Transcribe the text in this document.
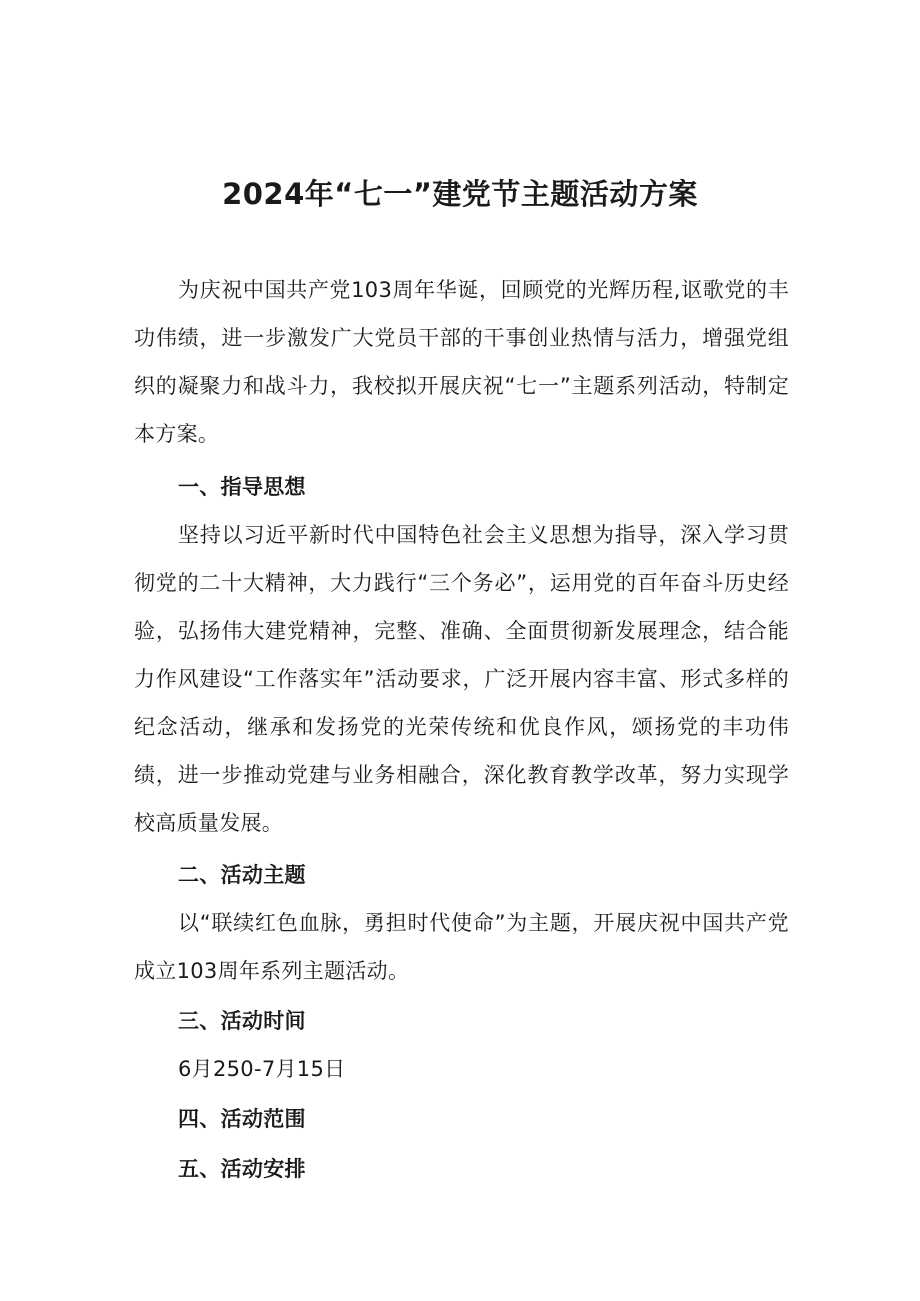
2024年“七一”建党节主题活动方案

为庆祝中国共产党103周年华诞，回顾党的光辉历程,讴歌党的丰功伟绩，进一步激发广大党员干部的干事创业热情与活力，增强党组织的凝聚力和战斗力，我校拟开展庆祝“七一”主题系列活动，特制定本方案。

一、指导思想

坚持以习近平新时代中国特色社会主义思想为指导，深入学习贯彻党的二十大精神，大力践行“三个务必”，运用党的百年奋斗历史经验，弘扬伟大建党精神，完整、准确、全面贯彻新发展理念，结合能力作风建设“工作落实年”活动要求，广泛开展内容丰富、形式多样的纪念活动，继承和发扬党的光荣传统和优良作风，颂扬党的丰功伟绩，进一步推动党建与业务相融合，深化教育教学改革，努力实现学校高质量发展。

二、活动主题

以“联续红色血脉，勇担时代使命”为主题，开展庆祝中国共产党成立103周年系列主题活动。

三、活动时间

6月250-7月15日

四、活动范围

五、活动安排
